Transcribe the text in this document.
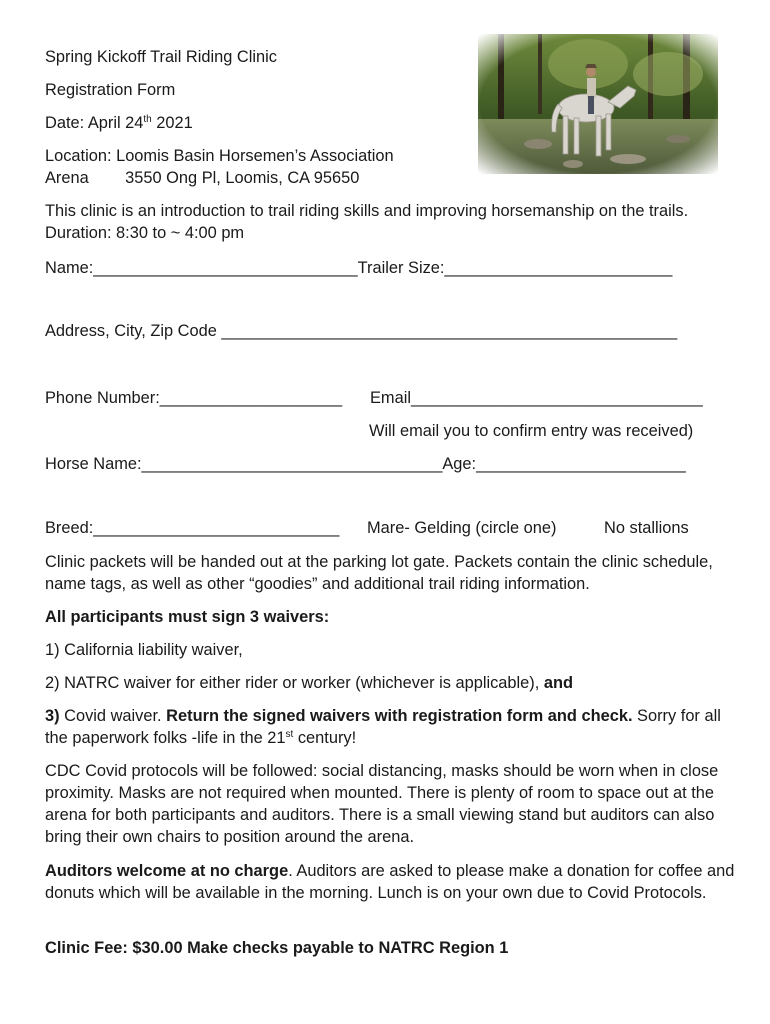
Spring Kickoff Trail Riding Clinic
Registration Form
Date: April 24th 2021
Location: Loomis Basin Horsemen’s Association
Arena        3550 Ong Pl, Loomis, CA 95650
This clinic is an introduction to trail riding skills and improving horsemanship on the trails. Duration: 8:30 to ~ 4:00 pm
Name:_____________________________Trailer Size:_________________________
Address, City, Zip Code __________________________________________________
Phone Number:____________________ Email________________________________
Will email you to confirm entry was received)
Horse Name:_________________________________Age:_______________________
Breed:___________________________ Mare- Gelding (circle one)	No stallions
Clinic packets will be handed out at the parking lot gate. Packets contain the clinic schedule, name tags, as well as other “goodies” and additional trail riding information.
All participants must sign 3 waivers:
1) California liability waiver,
2) NATRC waiver for either rider or worker (whichever is applicable), and
3) Covid waiver. Return the signed waivers with registration form and check. Sorry for all the paperwork folks -life in the 21st century!
CDC Covid protocols will be followed: social distancing, masks should be worn when in close proximity. Masks are not required when mounted. There is plenty of room to space out at the arena for both participants and auditors. There is a small viewing stand but auditors can also bring their own chairs to position around the arena.
Auditors welcome at no charge. Auditors are asked to please make a donation for coffee and donuts which will be available in the morning. Lunch is on your own due to Covid Protocols.
Clinic Fee: $30.00 Make checks payable to NATRC Region 1
